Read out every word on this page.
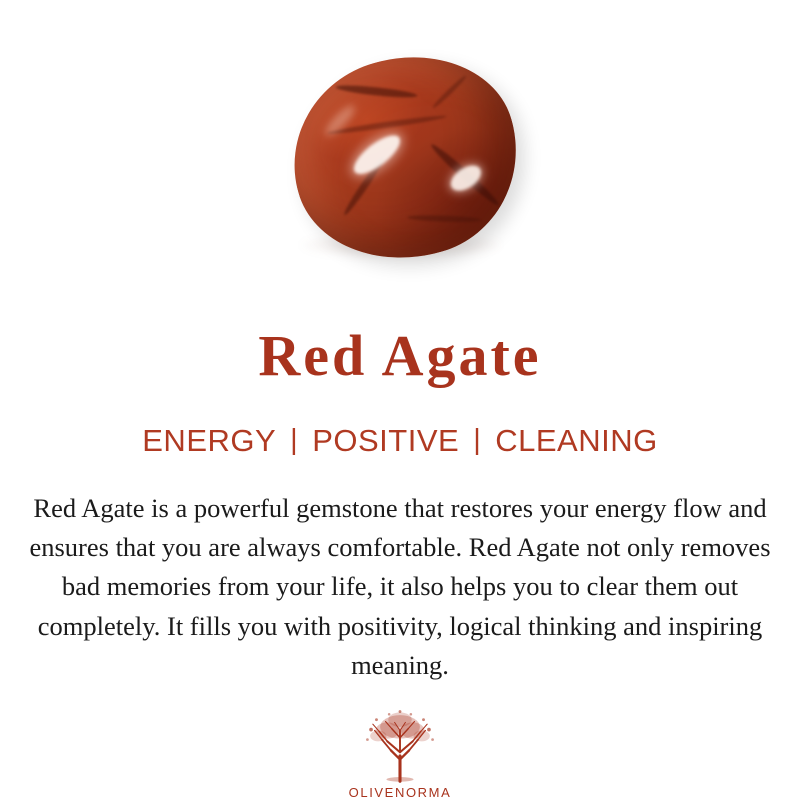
Red Agate
ENERGY | POSITIVE | CLEANING
Red Agate is a powerful gemstone that restores your energy flow and ensures that you are always comfortable. Red Agate not only removes bad memories from your life, it also helps you to clear them out completely. It fills you with positivity, logical thinking and inspiring meaning.
OLIVENORMA
